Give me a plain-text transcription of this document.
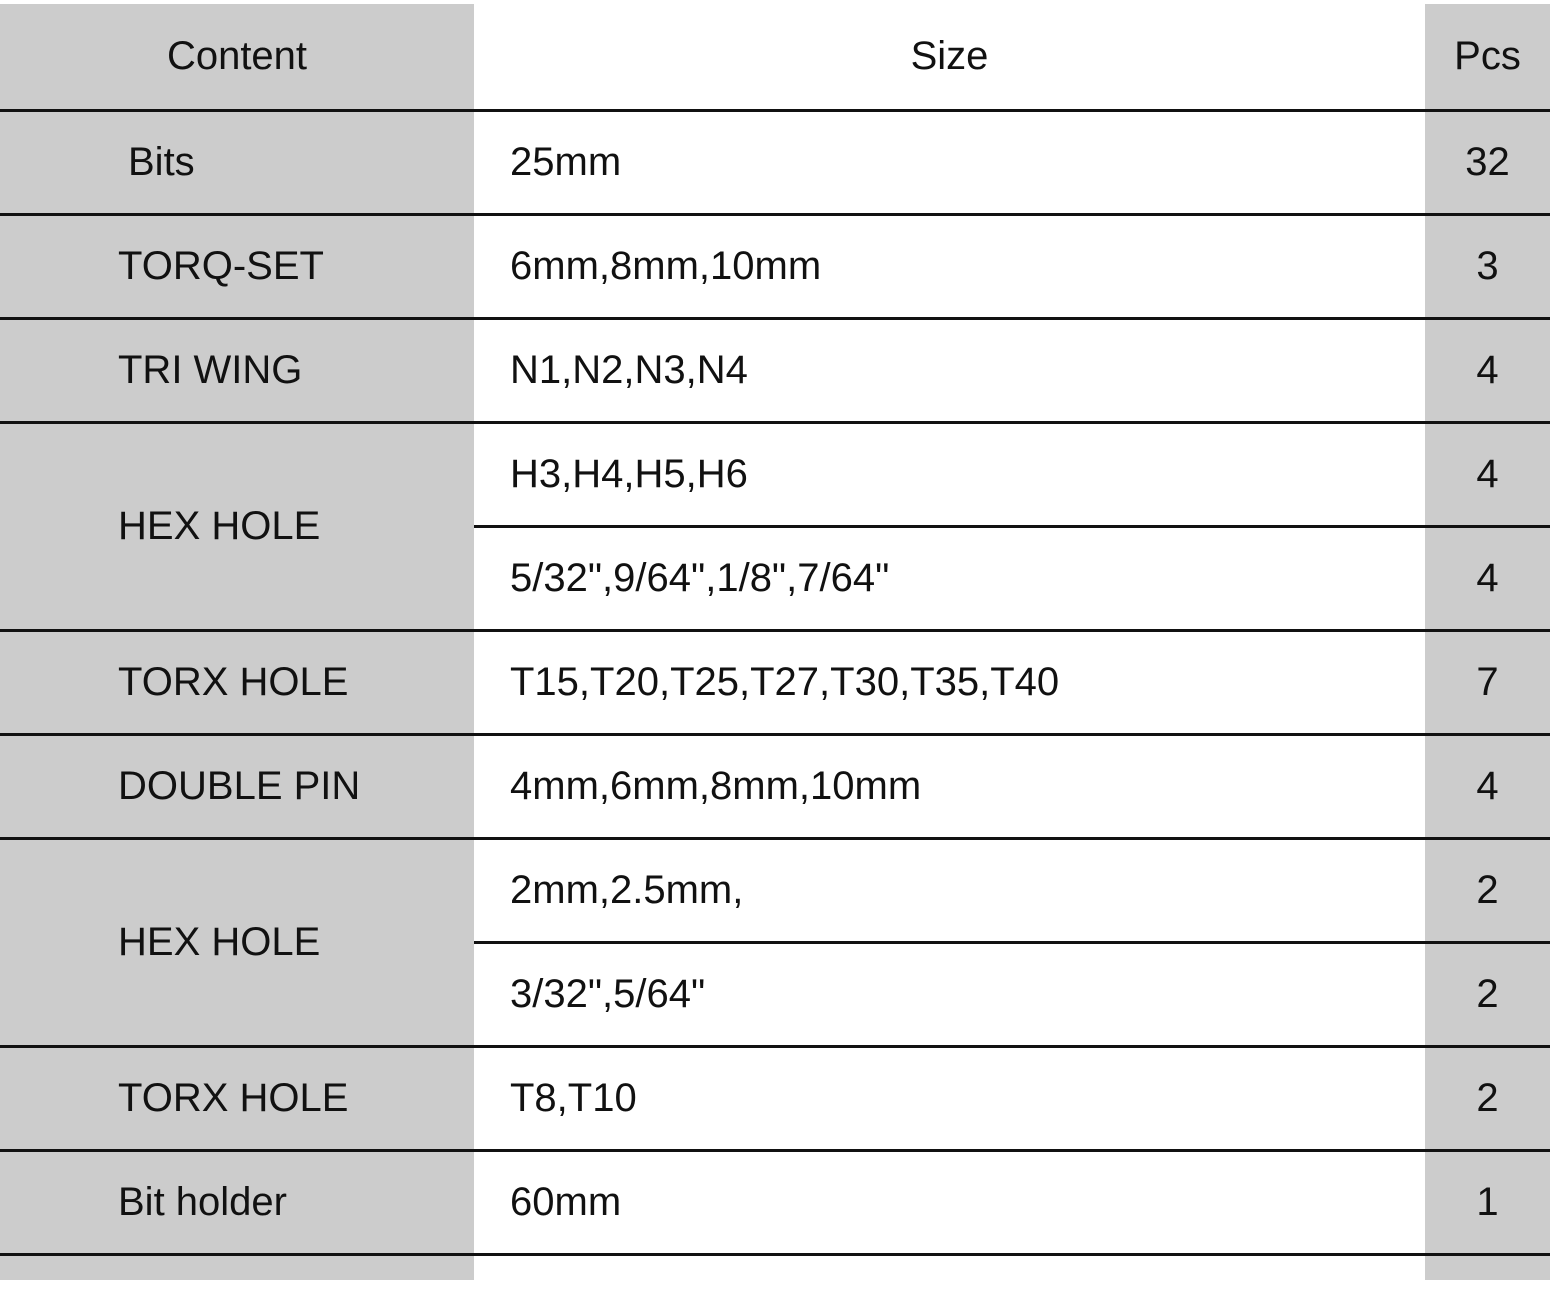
Content	Size	Pcs
Bits	25mm	32
TORQ-SET	6mm,8mm,10mm	3
TRI WING	N1,N2,N3,N4	4
HEX HOLE	H3,H4,H5,H6	4
	5/32",9/64",1/8",7/64"	4
TORX HOLE	T15,T20,T25,T27,T30,T35,T40	7
DOUBLE PIN	4mm,6mm,8mm,10mm	4
HEX HOLE	2mm,2.5mm,	2
	3/32",5/64"	2
TORX HOLE	T8,T10	2
Bit holder	60mm	1
